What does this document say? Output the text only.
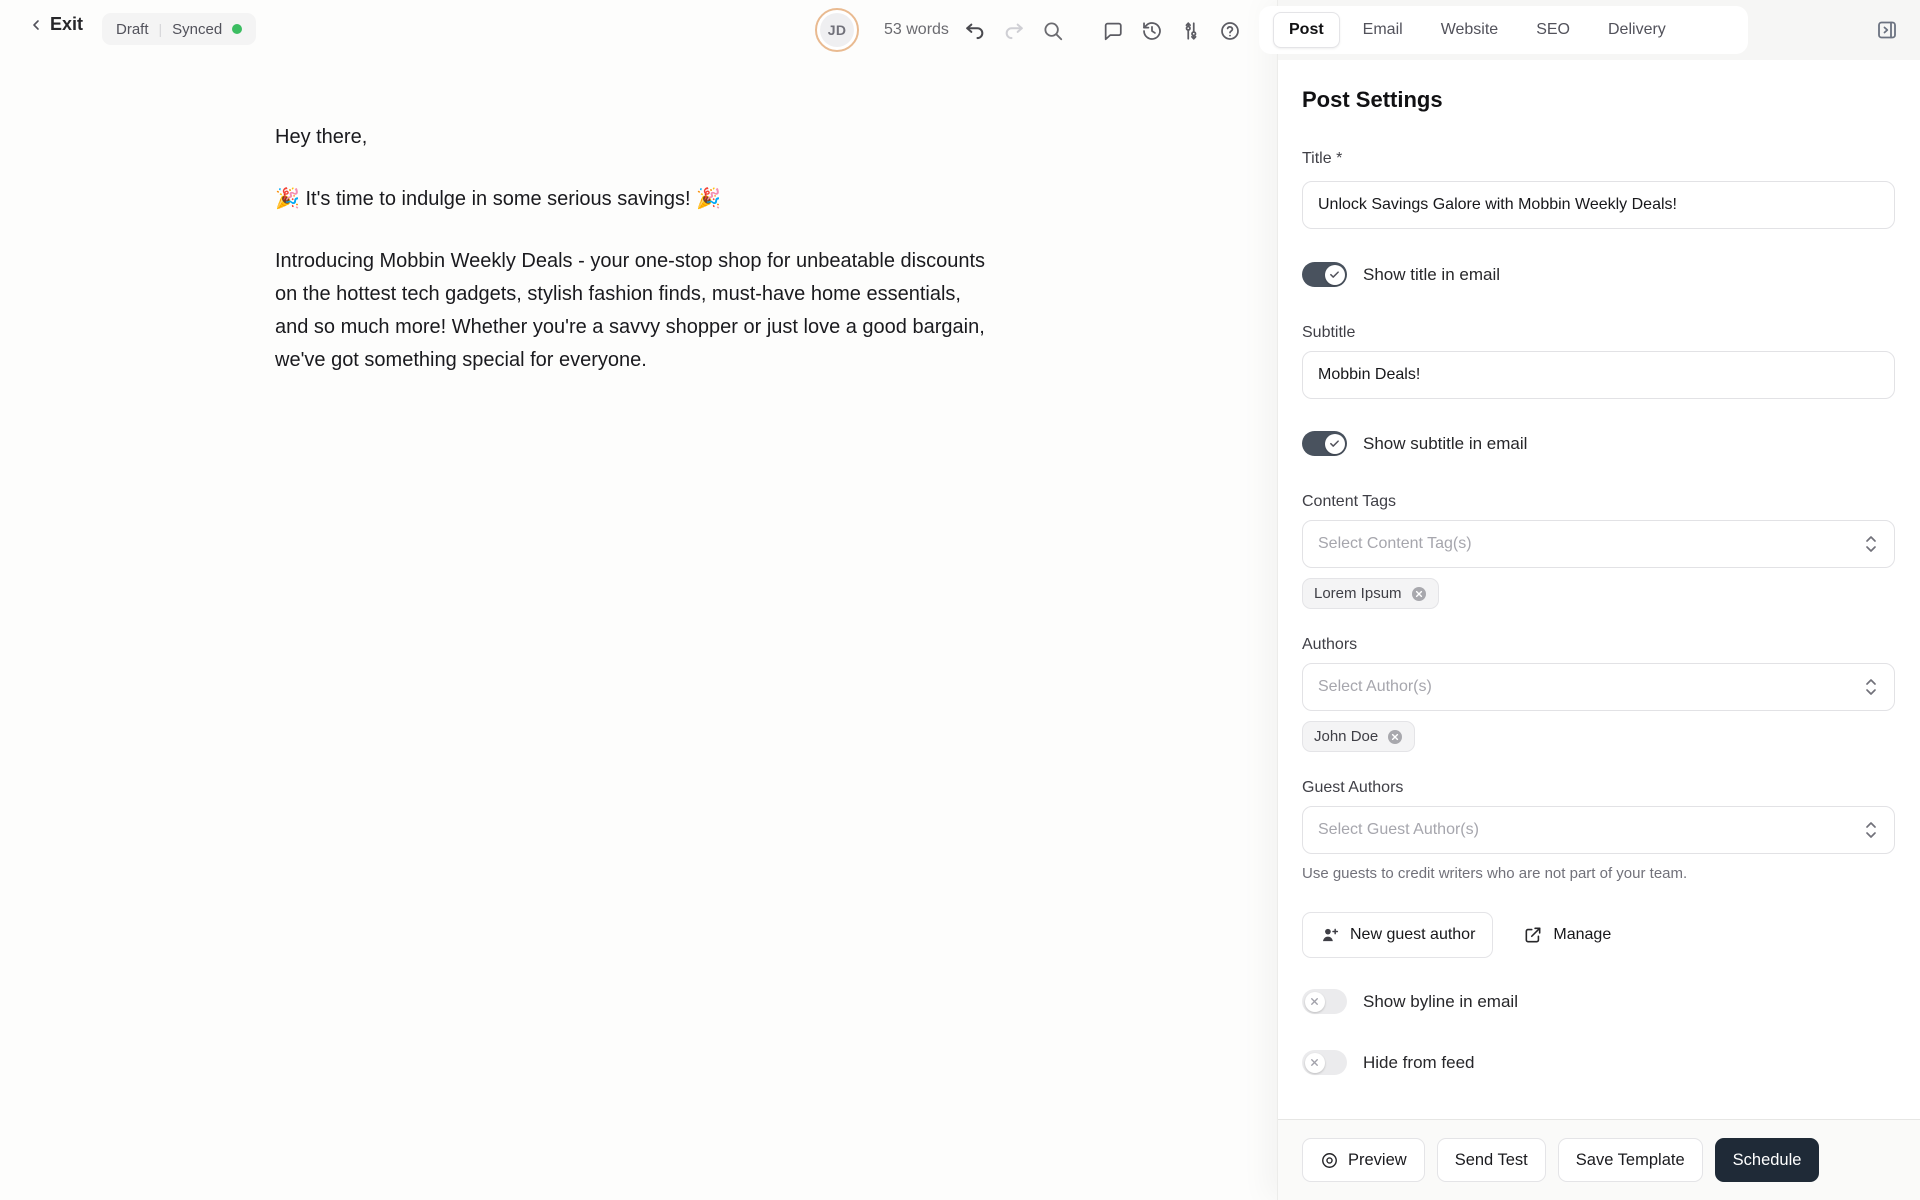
Exit Draft | Synced	JD	53 words

Hey there,

🎉 It's time to indulge in some serious savings! 🎉

Introducing Mobbin Weekly Deals - your one-stop shop for unbeatable discounts on the hottest tech gadgets, stylish fashion finds, must-have home essentials, and so much more! Whether you're a savvy shopper or just love a good bargain, we've got something special for everyone.

Post	Email	Website	SEO	Delivery
Post Settings
Title *
Unlock Savings Galore with Mobbin Weekly Deals!
Show title in email
Subtitle
Mobbin Deals!
Show subtitle in email
Content Tags
Select Content Tag(s)
Lorem Ipsum
Authors
Select Author(s)
John Doe
Guest Authors
Select Guest Author(s)
Use guests to credit writers who are not part of your team.
New guest author	Manage
Show byline in email
Hide from feed
Preview	Send Test	Save Template	Schedule
